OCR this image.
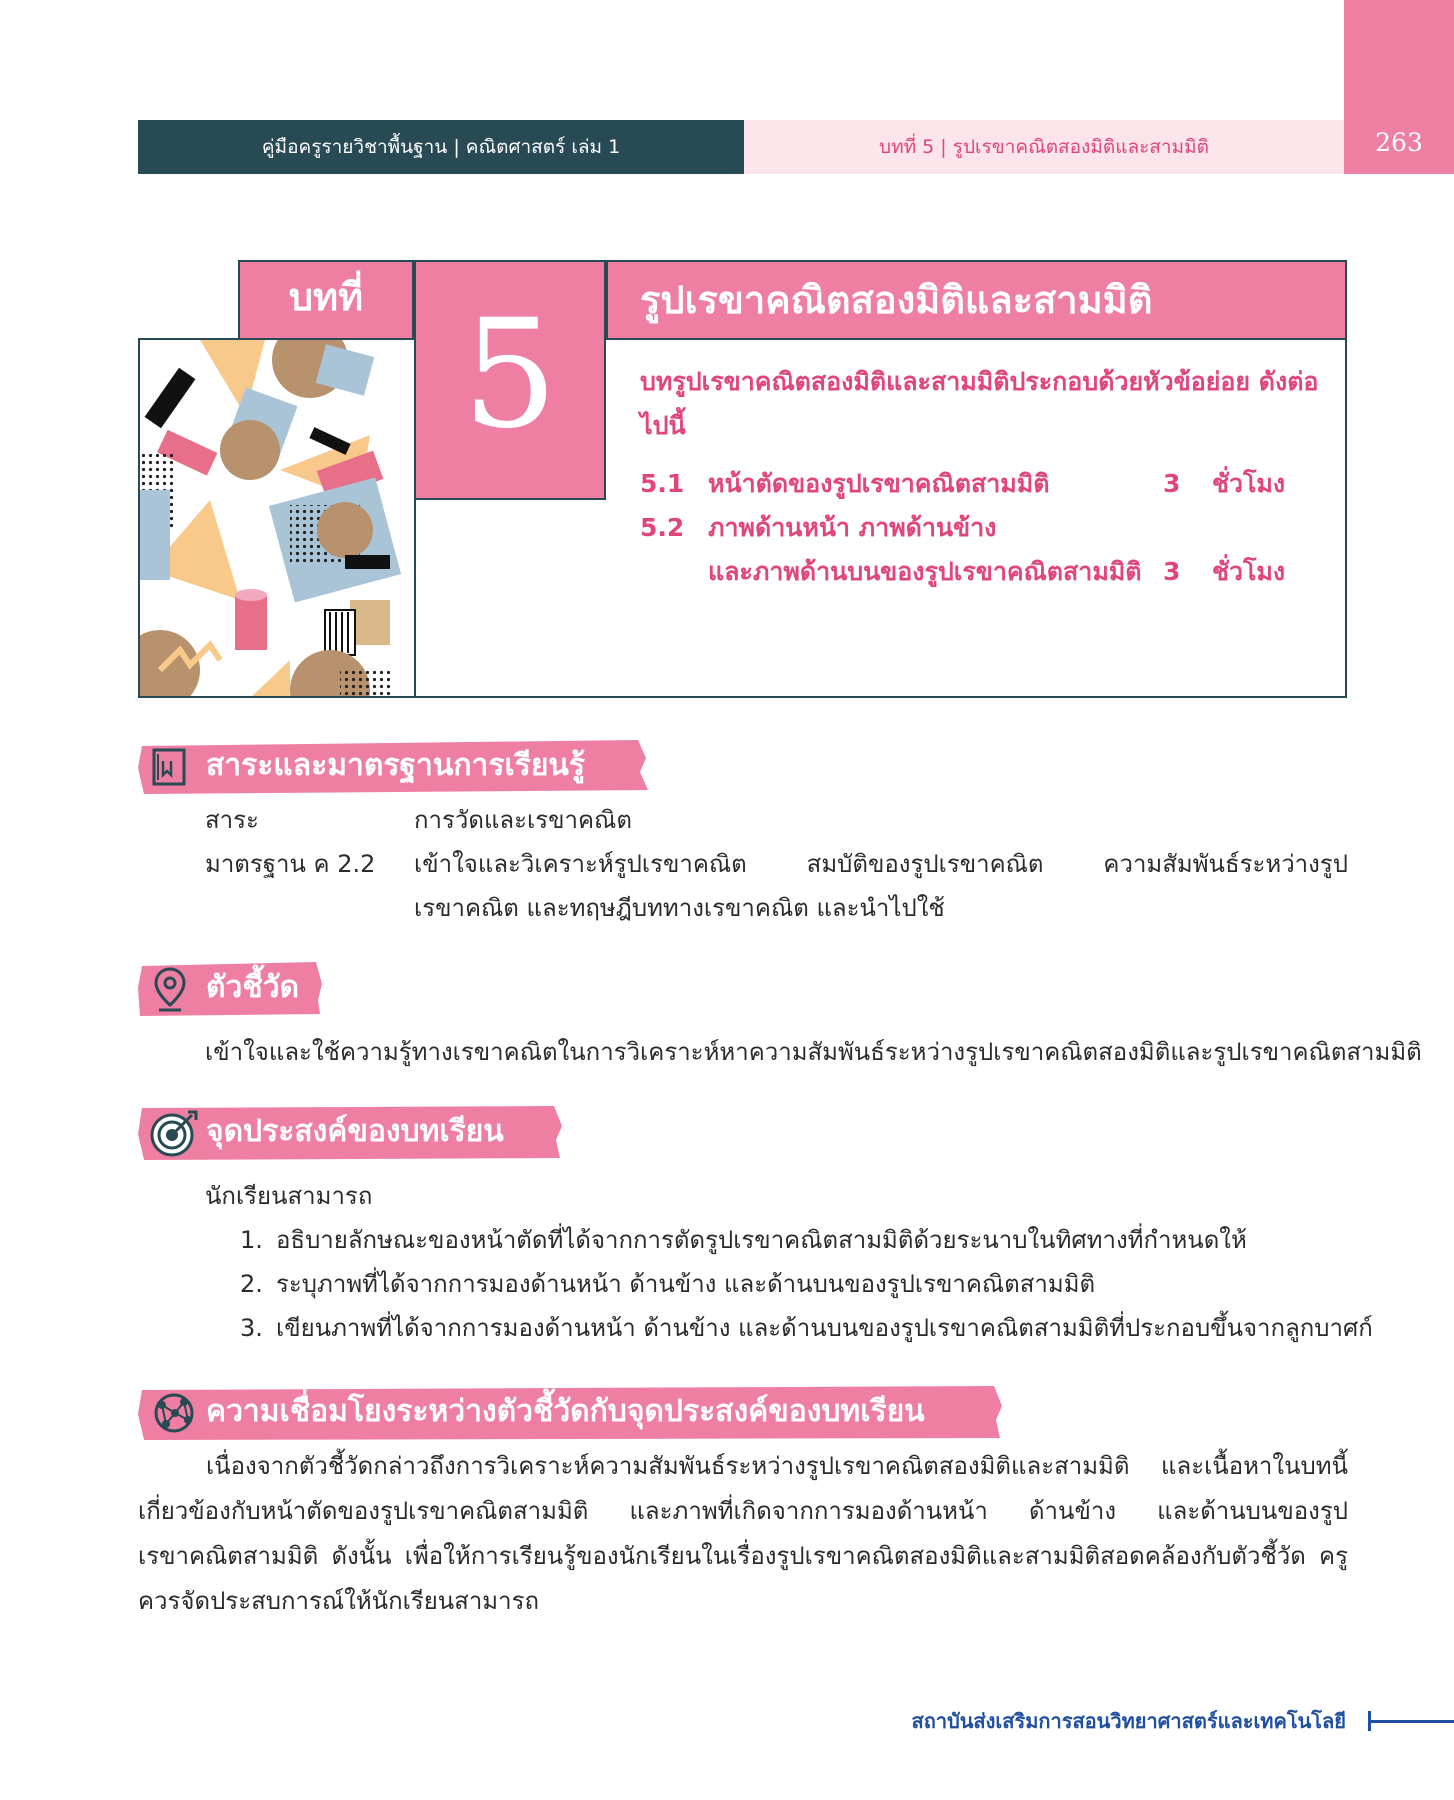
คู่มือครูรายวิชาพื้นฐาน | คณิตศาสตร์ เล่ม 1	บทที่ 5 | รูปเรขาคณิตสองมิติและสามมิติ	263
บทที่ 5	รูปเรขาคณิตสองมิติและสามมิติ
บทรูปเรขาคณิตสองมิติและสามมิติประกอบด้วยหัวข้อย่อย ดังต่อไปนี้
5.1 หน้าตัดของรูปเรขาคณิตสามมิติ	3 ชั่วโมง
5.2 ภาพด้านหน้า ภาพด้านข้าง
และภาพด้านบนของรูปเรขาคณิตสามมิติ 3 ชั่วโมง
สาระและมาตรฐานการเรียนรู้
สาระ	การวัดและเรขาคณิต
มาตรฐาน ค 2.2 เข้าใจและวิเคราะห์รูปเรขาคณิต สมบัติของรูปเรขาคณิต ความสัมพันธ์ระหว่างรูปเรขาคณิต และทฤษฎีบททางเรขาคณิต และนำไปใช้
ตัวชี้วัด
เข้าใจและใช้ความรู้ทางเรขาคณิตในการวิเคราะห์หาความสัมพันธ์ระหว่างรูปเรขาคณิตสองมิติและรูปเรขาคณิตสามมิติ
จุดประสงค์ของบทเรียน
นักเรียนสามารถ
1. อธิบายลักษณะของหน้าตัดที่ได้จากการตัดรูปเรขาคณิตสามมิติด้วยระนาบในทิศทางที่กำหนดให้
2. ระบุภาพที่ได้จากการมองด้านหน้า ด้านข้าง และด้านบนของรูปเรขาคณิตสามมิติ
3. เขียนภาพที่ได้จากการมองด้านหน้า ด้านข้าง และด้านบนของรูปเรขาคณิตสามมิติที่ประกอบขึ้นจากลูกบาศก์
ความเชื่อมโยงระหว่างตัวชี้วัดกับจุดประสงค์ของบทเรียน
เนื่องจากตัวชี้วัดกล่าวถึงการวิเคราะห์ความสัมพันธ์ระหว่างรูปเรขาคณิตสองมิติและสามมิติ และเนื้อหาในบทนี้เกี่ยวข้องกับหน้าตัดของรูปเรขาคณิตสามมิติ และภาพที่เกิดจากการมองด้านหน้า ด้านข้าง และด้านบนของรูปเรขาคณิตสามมิติ ดังนั้น เพื่อให้การเรียนรู้ของนักเรียนในเรื่องรูปเรขาคณิตสองมิติและสามมิติสอดคล้องกับตัวชี้วัด ครูควรจัดประสบการณ์ให้นักเรียนสามารถ
สถาบันส่งเสริมการสอนวิทยาศาสตร์และเทคโนโลยี
